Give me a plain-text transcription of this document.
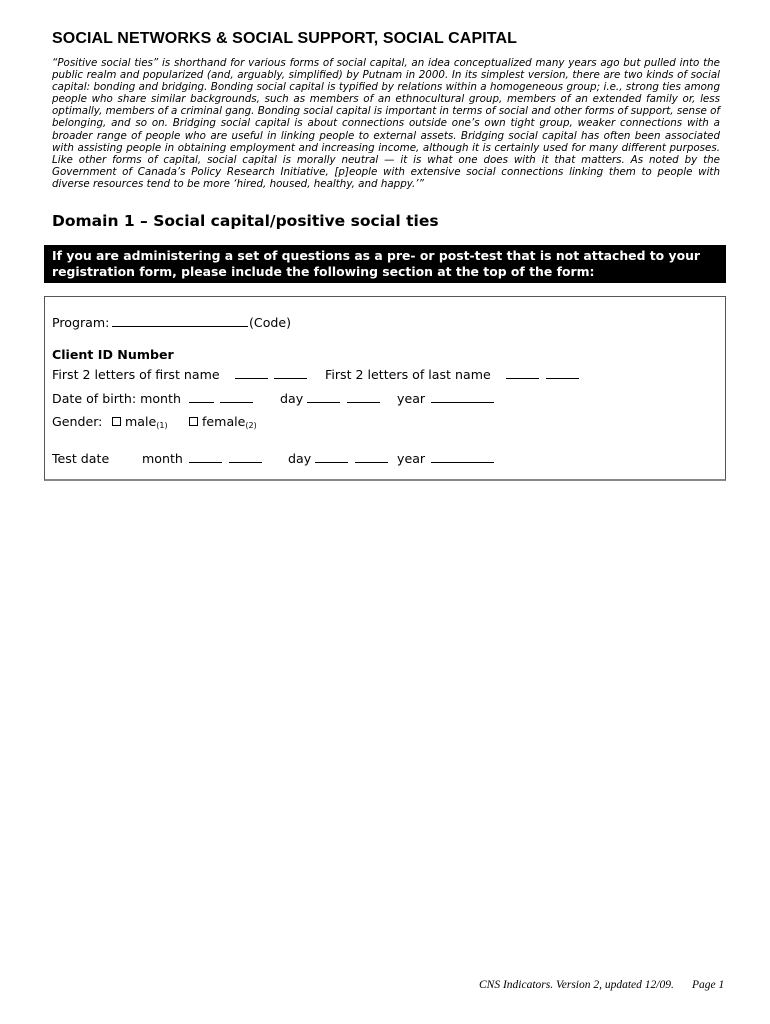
SOCIAL NETWORKS & SOCIAL SUPPORT, SOCIAL CAPITAL
“Positive social ties” is shorthand for various forms of social capital, an idea conceptualized many years ago but pulled into the public realm and popularized (and, arguably, simplified) by Putnam in 2000. In its simplest version, there are two kinds of social capital: bonding and bridging. Bonding social capital is typified by relations within a homogeneous group; i.e., strong ties among people who share similar backgrounds, such as members of an ethnocultural group, members of an extended family or, less optimally, members of a criminal gang. Bonding social capital is important in terms of social and other forms of support, sense of belonging, and so on. Bridging social capital is about connections outside one’s own tight group, weaker connections with a broader range of people who are useful in linking people to external assets. Bridging social capital has often been associated with assisting people in obtaining employment and increasing income, although it is certainly used for many different purposes. Like other forms of capital, social capital is morally neutral — it is what one does with it that matters. As noted by the Government of Canada’s Policy Research Initiative, [p]eople with extensive social connections linking them to people with diverse resources tend to be more ‘hired, housed, healthy, and happy.’”
Domain 1 – Social capital/positive social ties
If you are administering a set of questions as a pre- or post-test that is not attached to your
registration form, please include the following section at the top of the form:
Program:	(Code)
Client ID Number
First 2 letters of first name	First 2 letters of last name
Date of birth: month	day	year
Gender:	male$_{(1)}$	female$_{(2)}$
Test date	month	day	year
CNS Indicators. Version 2, updated 12/09. Page 1
